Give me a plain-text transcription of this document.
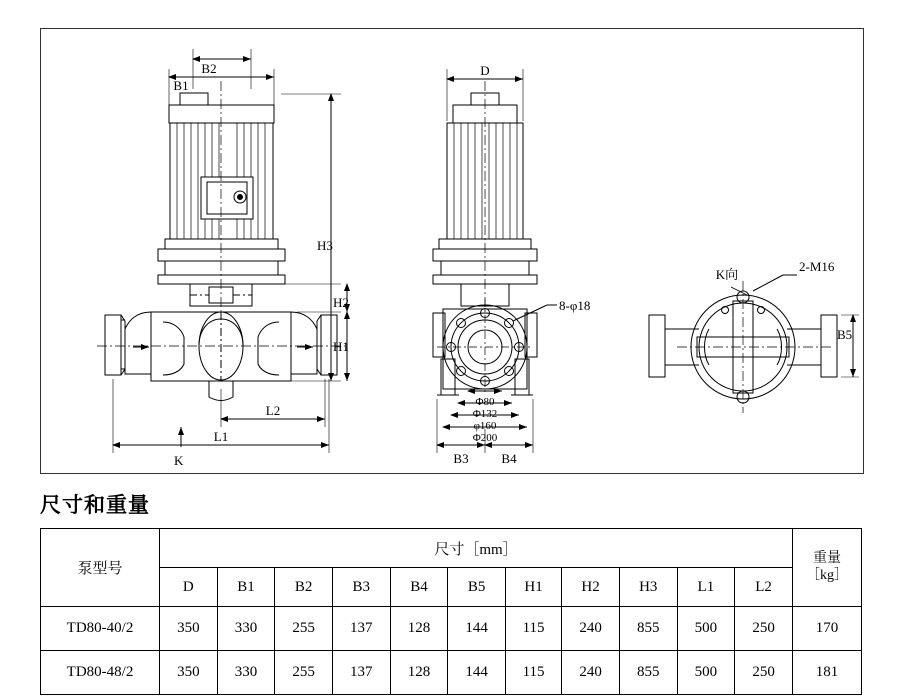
B2
B1
H3
H2
H1
L2
L1
K
D
8-φ18
Φ80
Φ132
φ160
Φ200
B3	B4
K向
2-M16
B5
尺寸和重量
泵型号	尺寸［mm］											重量
［kg］

	D	B1	B2	B3	B4	B5	H1	H2	H3	L1	L2	
TD80-40/2	350	330	255	137	128	144	115	240	855	500	250	170
TD80-48/2	350	330	255	137	128	144	115	240	855	500	250	181
